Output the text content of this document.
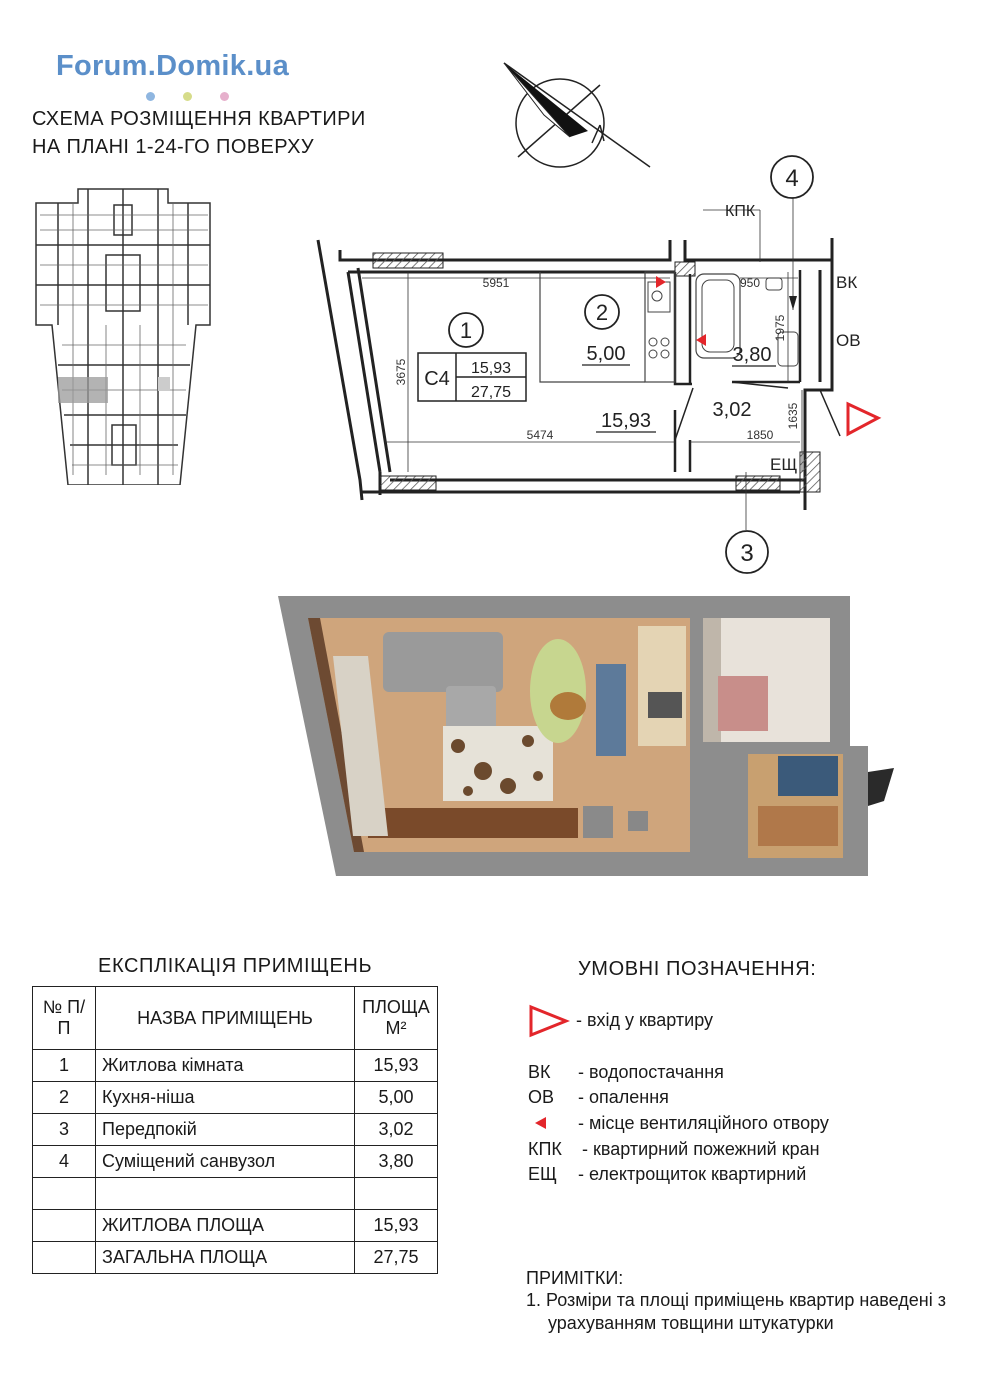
Forum.Domik.ua
СХЕМА РОЗМІЩЕННЯ КВАРТИРИ
НА ПЛАНІ 1-24-ГО ПОВЕРХУ
5951
3675
5474	1850
950
1975
1635
КПК
ВК
ОВ
ЕЩ
1
2
3
4
С4 15,93
27,75
5,00
15,93	3,02
3,80
ЕКСПЛІКАЦІЯ ПРИМІЩЕНЬ
№ П/П	НАЗВА ПРИМІЩЕНЬ	ПЛОЩА М²
1	Житлова кімната	15,93
2	Кухня-ніша	5,00
3	Передпокій	3,02
4	Суміщений санвузол	3,80

	ЖИТЛОВА ПЛОЩА	15,93
	ЗАГАЛЬНА ПЛОЩА	27,75
УМОВНІ ПОЗНАЧЕННЯ:
- вхід у квартиру
ВК - водопостачання
ОВ - опалення
- місце вентиляційного отвору
КПК - квартирний пожежний кран
ЕЩ - електрощиток квартирний
ПРИМІТКИ:
1. Розміри та площі приміщень квартир наведені з
урахуванням товщини штукатурки
